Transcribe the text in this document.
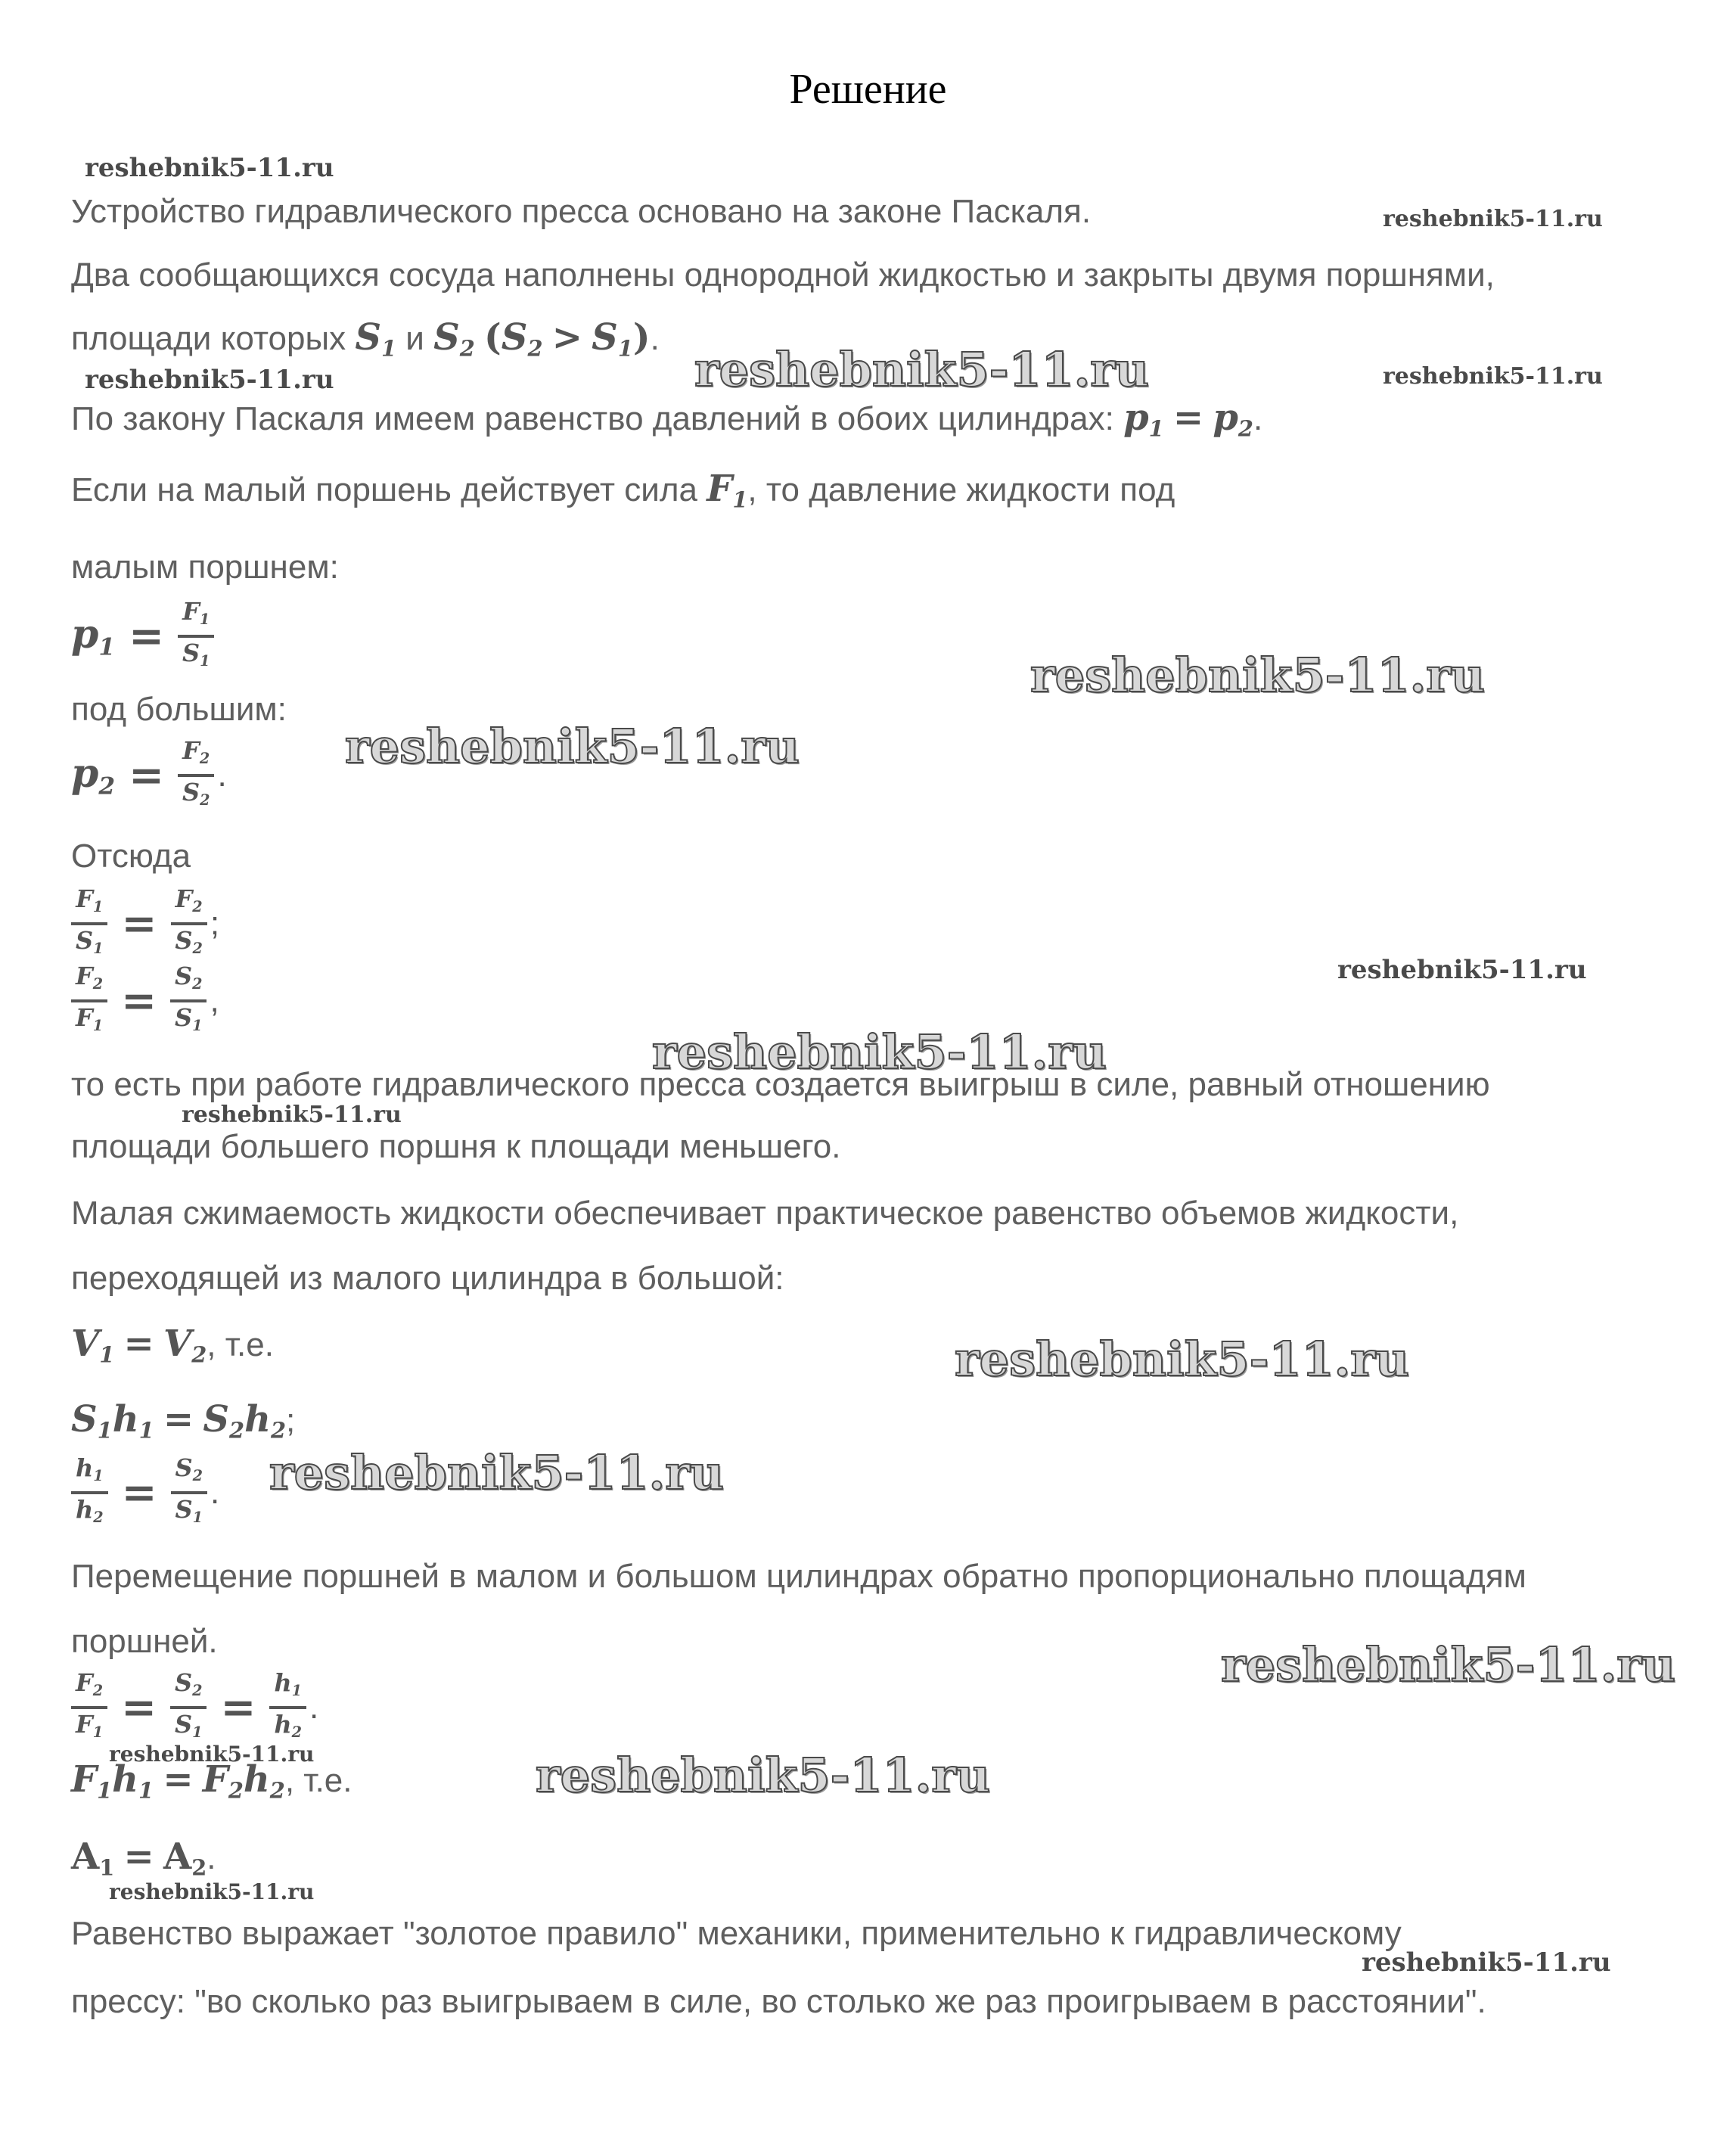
Решение
Устройство гидравлического пресса основано на законе Паскаля.
Два сообщающихся сосуда наполнены однородной жидкостью и закрыты двумя поршнями,
площади которых $S_1$ и $S_2$ $(S_2 > S_1)$.
По закону Паскаля имеем равенство давлений в обоих цилиндрах: $p_1 = p_2$.
Если на малый поршень действует сила $F_1$, то давление жидкости под
малым поршнем:
$p_1 = \frac{F_1}{S_1}$
под большим:
$p_2 = \frac{F_2}{S_2}$ .
Отсюда
$\frac{F_1}{S_1} = \frac{F_2}{S_2}$ ;
$\frac{F_2}{F_1} = \frac{S_2}{S_1}$ ,
то есть при работе гидравлического пресса создается выигрыш в силе, равный отношению
площади большего поршня к площади меньшего.
Малая сжимаемость жидкости обеспечивает практическое равенство объемов жидкости,
переходящей из малого цилиндра в большой:
$V_1 = V_2$, т.е.
$S_1h_1 = S_2h_2$;
$\frac{h_1}{h_2} = \frac{S_2}{S_1}$ .
Перемещение поршней в малом и большом цилиндрах обратно пропорционально площадям
поршней.
$\frac{F_2}{F_1} = \frac{S_2}{S_1} = \frac{h_1}{h_2}$ .
$F_1h_1 = F_2h_2$, т.е.
$A_1 = A_2$.
Равенство выражает "золотое правило" механики, применительно к гидравлическому
прессу: "во сколько раз выигрываем в силе, во столько же раз проигрываем в расстоянии".
reshebnik5-11.ru
reshebnik5-11.ru
reshebnik5-11.ru	reshebnik5-11.ru	reshebnik5-11.ru
reshebnik5-11.ru
reshebnik5-11.ru
reshebnik5-11.ru
reshebnik5-11.ru
reshebnik5-11.ru
reshebnik5-11.ru
reshebnik5-11.ru
reshebnik5-11.ru
reshebnik5-11.ru	reshebnik5-11.ru
reshebnik5-11.ru
reshebnik5-11.ru
